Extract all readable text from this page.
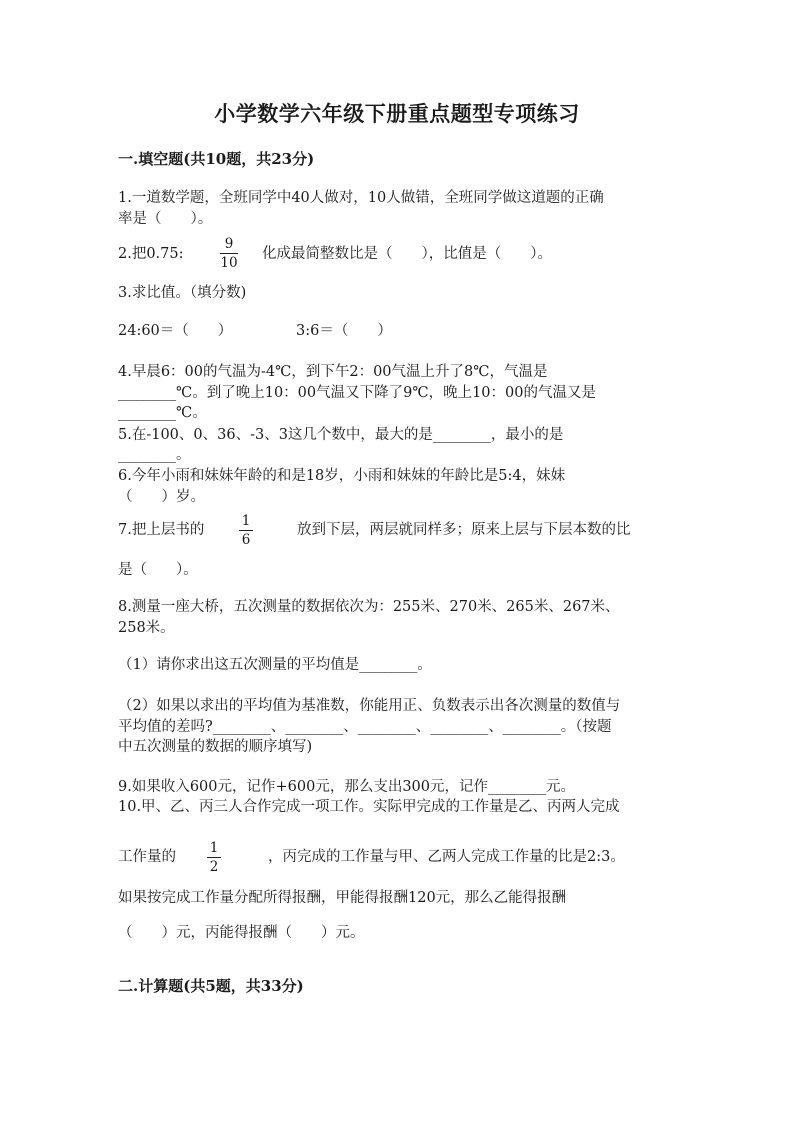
小学数学六年级下册重点题型专项练习
一.填空题(共10题，共23分)
1.一道数学题，全班同学中40人做对，10人做错，全班同学做这道题的正确
率是（　　）。
2.把0.75:
9
10
化成最简整数比是（　　），比值是（　　）。
3.求比值。（填分数)
24:60＝（　　）	3:6＝（　　）
4.早晨6：00的气温为-4℃，到下午2：00气温上升了8℃，气温是
________℃。到了晚上10：00气温又下降了9℃，晚上10：00的气温又是
________℃。
5.在-100、0、36、-3、3这几个数中，最大的是________，最小的是
________。
6.今年小雨和妹妹年龄的和是18岁，小雨和妹妹的年龄比是5:4，妹妹
（　　）岁。
7.把上层书的
1
6
放到下层，两层就同样多；原来上层与下层本数的比
是（　　）。
8.测量一座大桥，五次测量的数据依次为：255米、270米、265米、267米、
258米。
（1）请你求出这五次测量的平均值是________。
（2）如果以求出的平均值为基准数，你能用正、负数表示出各次测量的数值与
平均值的差吗?________、________、________、________、________。（按题
中五次测量的数据的顺序填写)
9.如果收入600元，记作+600元，那么支出300元，记作________元。
10.甲、乙、丙三人合作完成一项工作。实际甲完成的工作量是乙、丙两人完成
工作量的
1
2
，丙完成的工作量与甲、乙两人完成工作量的比是2:3。
如果按完成工作量分配所得报酬，甲能得报酬120元，那么乙能得报酬
（　　）元，丙能得报酬（　　）元。
二.计算题(共5题，共33分)
